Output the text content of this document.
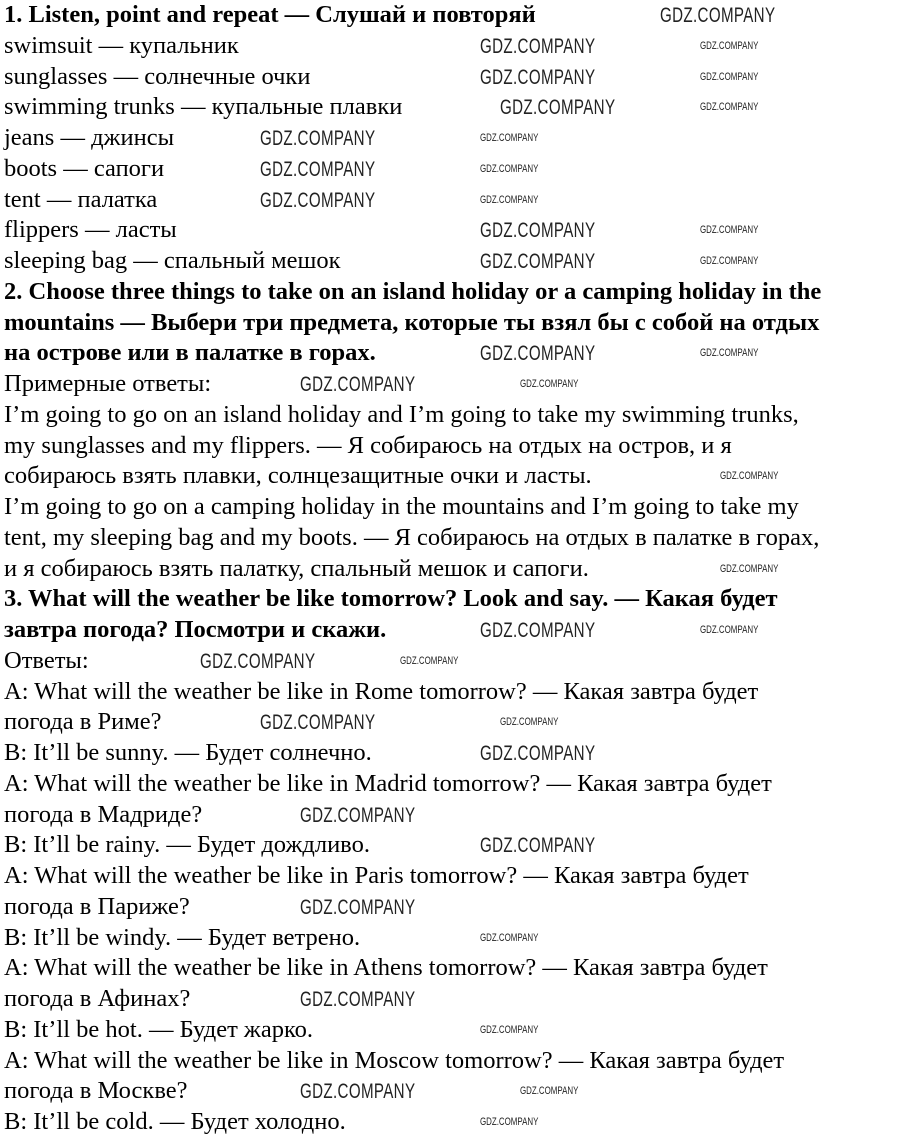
1. Listen, point and repeat — Слушай и повторяй
swimsuit — купальник
sunglasses — солнечные очки
swimming trunks — купальные плавки
jeans — джинсы
boots — сапоги
tent — палатка
flippers — ласты
sleeping bag — спальный мешок
2. Choose three things to take on an island holiday or a camping holiday in the
mountains — Выбери три предмета, которые ты взял бы с собой на отдых
на острове или в палатке в горах.
Примерные ответы:
I’m going to go on an island holiday and I’m going to take my swimming trunks,
my sunglasses and my flippers. — Я собираюсь на отдых на остров, и я
собираюсь взять плавки, солнцезащитные очки и ласты.
I’m going to go on a camping holiday in the mountains and I’m going to take my
tent, my sleeping bag and my boots. — Я собираюсь на отдых в палатке в горах,
и я собираюсь взять палатку, спальный мешок и сапоги.
3. What will the weather be like tomorrow? Look and say. — Какая будет
завтра погода? Посмотри и скажи.
Ответы:
A: What will the weather be like in Rome tomorrow? — Какая завтра будет
погода в Риме?
B: It’ll be sunny. — Будет солнечно.
A: What will the weather be like in Madrid tomorrow? — Какая завтра будет
погода в Мадриде?
B: It’ll be rainy. — Будет дождливо.
A: What will the weather be like in Paris tomorrow? — Какая завтра будет
погода в Париже?
B: It’ll be windy. — Будет ветрено.
A: What will the weather be like in Athens tomorrow? — Какая завтра будет
погода в Афинах?
B: It’ll be hot. — Будет жарко.
A: What will the weather be like in Moscow tomorrow? — Какая завтра будет
погода в Москве?
B: It’ll be cold. — Будет холодно.
GDZ.COMPANY
GDZ.COMPANY
GDZ.COMPANY
GDZ.COMPANY
GDZ.COMPANY
GDZ.COMPANY
GDZ.COMPANY
GDZ.COMPANY
GDZ.COMPANY
GDZ.COMPANY
GDZ.COMPANY
GDZ.COMPANY
GDZ.COMPANY
GDZ.COMPANY
GDZ.COMPANY
GDZ.COMPANY
GDZ.COMPANY
GDZ.COMPANY
GDZ.COMPANY
GDZ.COMPANY
GDZ.COMPANY
GDZ.COMPANY
GDZ.COMPANY
GDZ.COMPANY
GDZ.COMPANY
GDZ.COMPANY
GDZ.COMPANY
GDZ.COMPANY
GDZ.COMPANY
GDZ.COMPANY
GDZ.COMPANY
GDZ.COMPANY
GDZ.COMPANY
GDZ.COMPANY
GDZ.COMPANY
GDZ.COMPANY
GDZ.COMPANY
GDZ.COMPANY
GDZ.COMPANY
